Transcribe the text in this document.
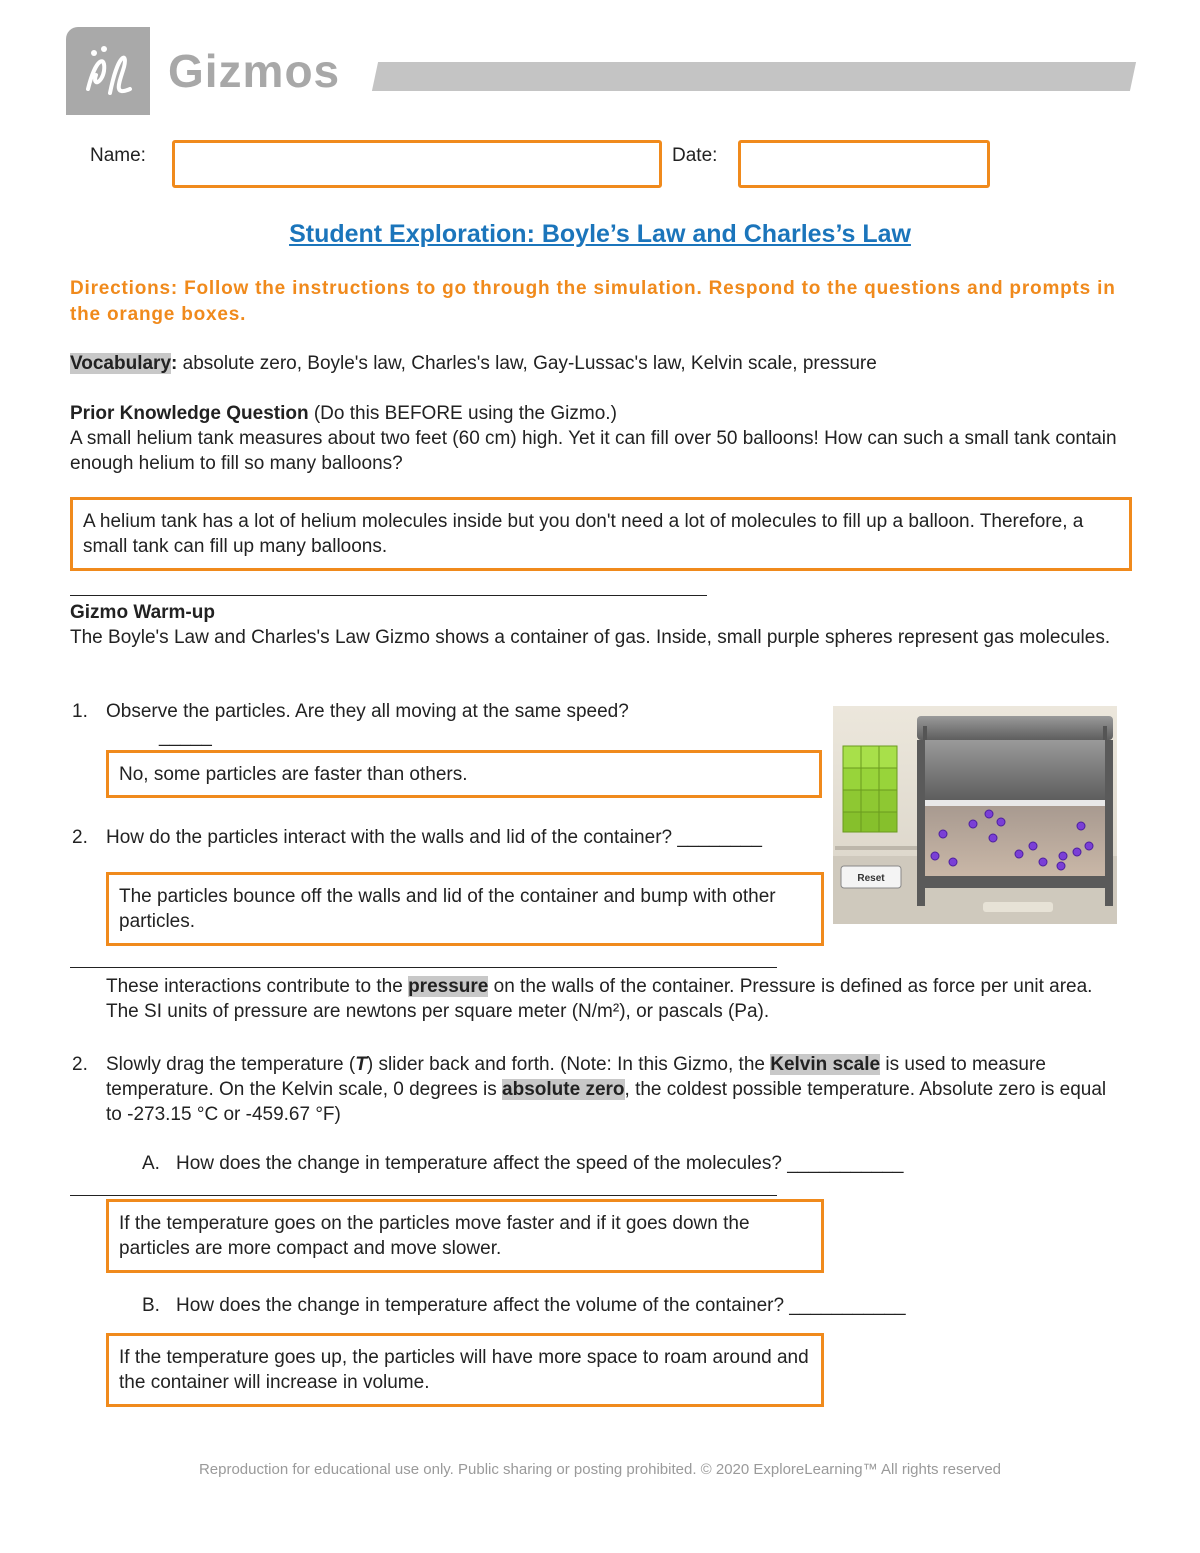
Gizmos
Name:	Date:
Student Exploration: Boyle’s Law and Charles’s Law
Directions: Follow the instructions to go through the simulation. Respond to the questions and prompts in the orange boxes.
Vocabulary: absolute zero, Boyle's law, Charles's law, Gay-Lussac's law, Kelvin scale, pressure
Prior Knowledge Question (Do this BEFORE using the Gizmo.)
A small helium tank measures about two feet (60 cm) high. Yet it can fill over 50 balloons! How can such a small tank contain enough helium to fill so many balloons?
A helium tank has a lot of helium molecules inside but you don't need a lot of molecules to fill up a balloon. Therefore, a small tank can fill up many balloons.
Gizmo Warm-up
The Boyle's Law and Charles's Law Gizmo shows a container of gas. Inside, small purple spheres represent gas molecules.
1. Observe the particles. Are they all moving at the same speed?
_____
No, some particles are faster than others.
2. How do the particles interact with the walls and lid of the container? ________
The particles bounce off the walls and lid of the container and bump with other particles.
Reset
These interactions contribute to the pressure on the walls of the container. Pressure is defined as force per unit area. The SI units of pressure are newtons per square meter (N/m²), or pascals (Pa).
2. Slowly drag the temperature (T) slider back and forth. (Note: In this Gizmo, the Kelvin scale is used to measure temperature. On the Kelvin scale, 0 degrees is absolute zero, the coldest possible temperature. Absolute zero is equal to -273.15 °C or -459.67 °F)
A. How does the change in temperature affect the speed of the molecules? ___________
If the temperature goes on the particles move faster and if it goes down the particles are more compact and move slower.
B. How does the change in temperature affect the volume of the container? ___________
If the temperature goes up, the particles will have more space to roam around and the container will increase in volume.
Reproduction for educational use only. Public sharing or posting prohibited. © 2020 ExploreLearning™ All rights reserved
